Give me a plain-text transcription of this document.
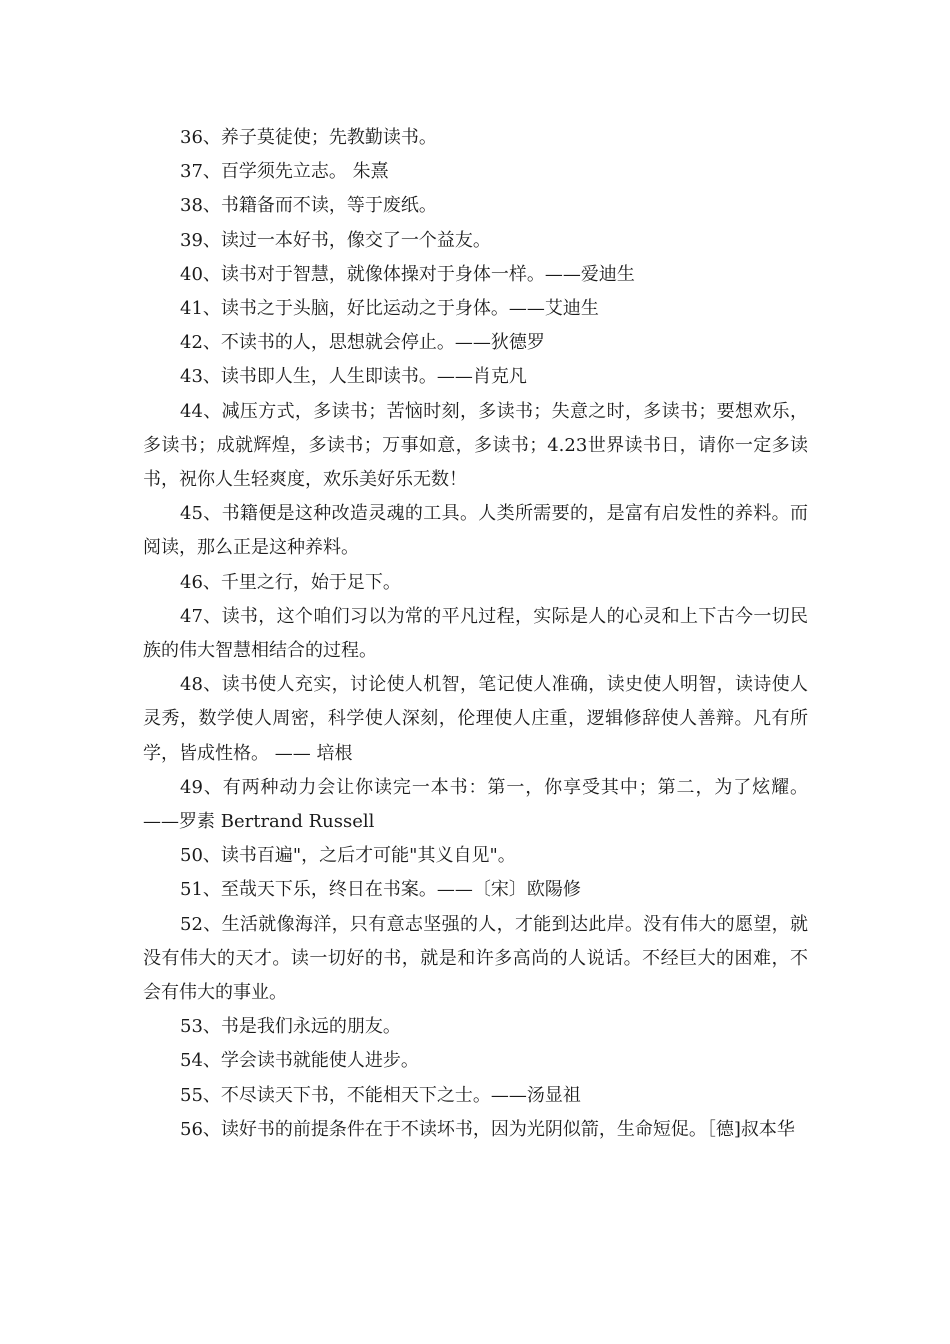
36、养子莫徒使；先教勤读书。

37、百学须先立志。 朱熹

38、书籍备而不读，等于废纸。

39、读过一本好书，像交了一个益友。

40、读书对于智慧，就像体操对于身体一样。——爱迪生

41、读书之于头脑，好比运动之于身体。——艾迪生

42、不读书的人，思想就会停止。——狄德罗

43、读书即人生，人生即读书。——肖克凡

44、减压方式，多读书；苦恼时刻，多读书；失意之时，多读书；要想欢乐，多读书；成就辉煌，多读书；万事如意，多读书；4.23世界读书日，请你一定多读书，祝你人生轻爽度，欢乐美好乐无数！

45、书籍便是这种改造灵魂的工具。人类所需要的，是富有启发性的养料。而阅读，那么正是这种养料。

46、千里之行，始于足下。

47、读书，这个咱们习以为常的平凡过程，实际是人的心灵和上下古今一切民族的伟大智慧相结合的过程。

48、读书使人充实，讨论使人机智，笔记使人准确，读史使人明智，读诗使人灵秀，数学使人周密，科学使人深刻，伦理使人庄重，逻辑修辞使人善辩。凡有所学，皆成性格。 —— 培根

49、有两种动力会让你读完一本书：第一，你享受其中；第二，为了炫耀。——罗素 Bertrand Russell

50、读书百遍"，之后才可能"其义自见"。

51、至哉天下乐，终日在书案。——〔宋〕欧陽修

52、生活就像海洋，只有意志坚强的人，才能到达此岸。没有伟大的愿望，就没有伟大的天才。读一切好的书，就是和许多高尚的人说话。不经巨大的困难，不会有伟大的事业。

53、书是我们永远的朋友。

54、学会读书就能使人进步。

55、不尽读天下书，不能相天下之士。——汤显祖

56、读好书的前提条件在于不读坏书，因为光阴似箭，生命短促。［德]叔本华
